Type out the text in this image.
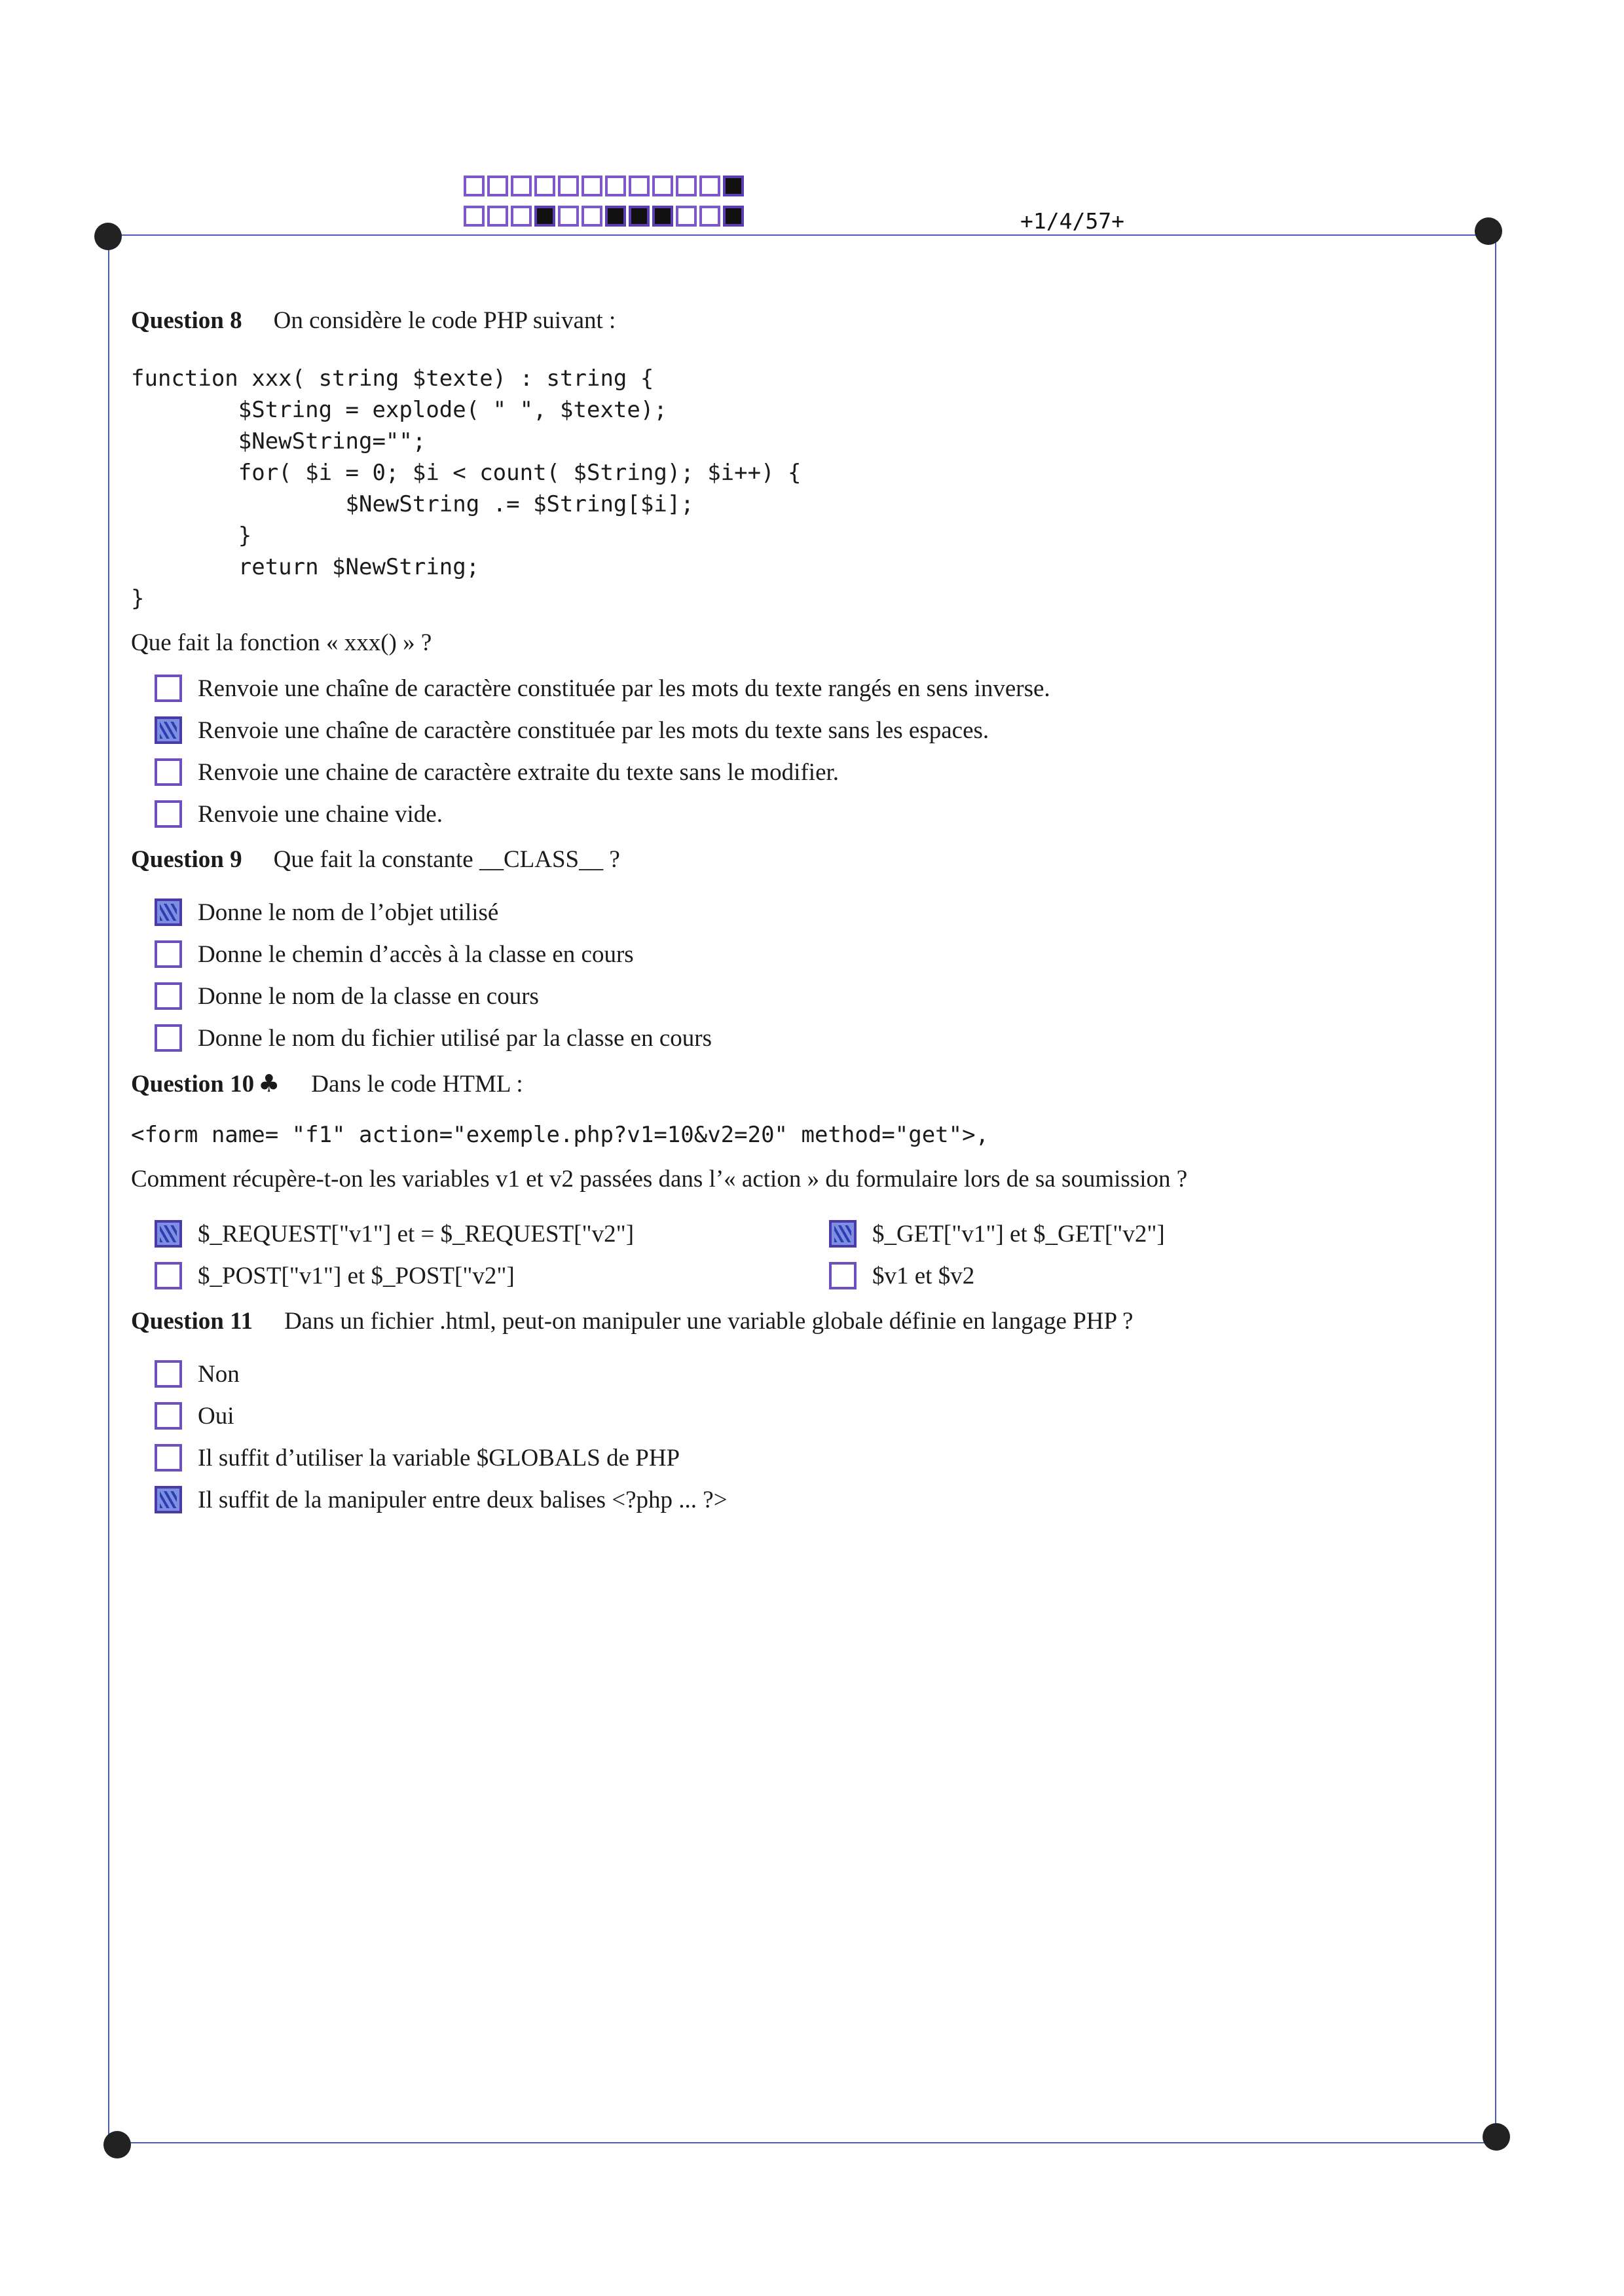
+1/4/57+
Question 8 On considère le code PHP suivant :

function xxx( string $texte) : string {

$String = explode( " ", $texte);

$NewString="";

for( $i = 0; $i < count( $String); $i++) {

$NewString .= $String[$i];

}

return $NewString;

}

Que fait la fonction « xxx() » ?

Renvoie une chaîne de caractère constituée par les mots du texte rangés en sens inverse.
Renvoie une chaîne de caractère constituée par les mots du texte sans les espaces.
Renvoie une chaine de caractère extraite du texte sans le modifier.
Renvoie une chaine vide.
Question 9 Que fait la constante __CLASS__ ?
Donne le nom de l’objet utilisé
Donne le chemin d’accès à la classe en cours
Donne le nom de la classe en cours
Donne le nom du fichier utilisé par la classe en cours
Question 10 ♣ Dans le code HTML :

<form name= "f1" action="exemple.php?v1=10&v2=20" method="get">,

Comment récupère-t-on les variables v1 et v2 passées dans l’« action » du formulaire lors de sa soumission ?

$_REQUEST["v1"] et = $_REQUEST["v2"]	$_GET["v1"] et $_GET["v2"]
$_POST["v1"] et $_POST["v2"]	$v1 et $v2
Question 11 Dans un fichier .html, peut-on manipuler une variable globale définie en langage PHP ?
Non
Oui
Il suffit d’utiliser la variable $GLOBALS de PHP
Il suffit de la manipuler entre deux balises <?php ... ?>
